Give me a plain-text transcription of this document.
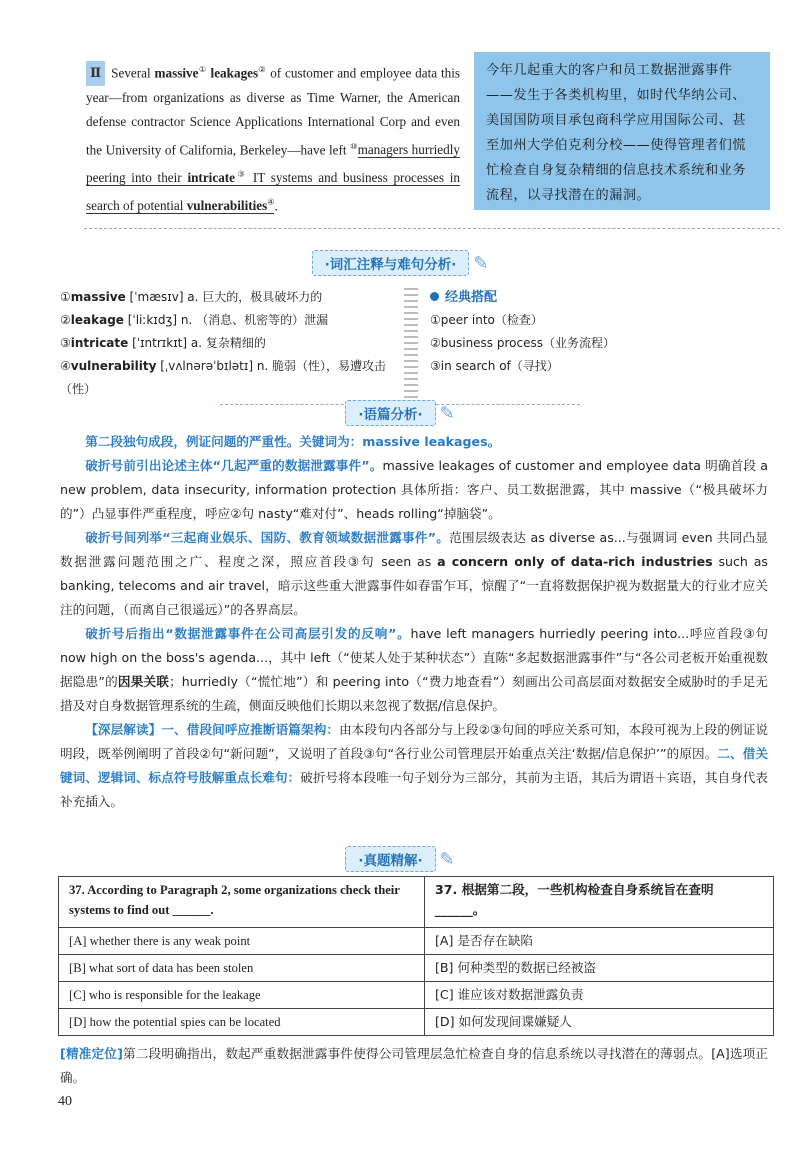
Ⅱ Several massive① leakages② of customer and employee data this year—from organizations as diverse as Time Warner, the American defense contractor Science Applications International Corp and even the University of California, Berkeley—have left ⑩managers hurriedly peering into their intricate③ IT systems and business processes in search of potential vulnerabilities④.
今年几起重大的客户和员工数据泄露事件——发生于各类机构里，如时代华纳公司、美国国防项目承包商科学应用国际公司、甚至加州大学伯克利分校——使得管理者们慌忙检查自身复杂精细的信息技术系统和业务流程，以寻找潜在的漏洞。
·词汇注释与难句分析· ✎
①massive [ˈmæsɪv] a. 巨大的，极具破坏力的
②leakage [ˈliːkɪdʒ] n. （消息、机密等的）泄漏
③intricate [ˈɪntrɪkɪt] a. 复杂精细的
④vulnerability [ˌvʌlnərəˈbɪlətɪ] n. 脆弱（性），易遭攻击（性）
经典搭配
①peer into（检查）
②business process（业务流程）
③in search of（寻找）
·语篇分析· ✎

第二段独句成段，例证问题的严重性。关键词为：massive leakages。

破折号前引出论述主体“几起严重的数据泄露事件”。massive leakages of customer and employee data 明确首段 a new problem, data insecurity, information protection 具体所指：客户、员工数据泄露，其中 massive（“极具破坏力的”）凸显事件严重程度，呼应②句 nasty“难对付”、heads rolling“掉脑袋”。

破折号间列举“三起商业娱乐、国防、教育领域数据泄露事件”。范围层级表达 as diverse as...与强调词 even 共同凸显数据泄露问题范围之广、程度之深，照应首段③句 seen as a concern only of data-rich industries such as banking, telecoms and air travel，暗示这些重大泄露事件如春雷乍耳，惊醒了“一直将数据保护视为数据量大的行业才应关注的问题，（而离自己很遥远）”的各界高层。

破折号后指出“数据泄露事件在公司高层引发的反响”。have left managers hurriedly peering into...呼应首段③句 now high on the boss's agenda...，其中 left（“使某人处于某种状态”）直陈“多起数据泄露事件”与“各公司老板开始重视数据隐患”的因果关联；hurriedly（“慌忙地”）和 peering into（“费力地查看”）刻画出公司高层面对数据安全威胁时的手足无措及对自身数据管理系统的生疏，侧面反映他们长期以来忽视了数据/信息保护。

【深层解读】一、借段间呼应推断语篇架构：由本段句内各部分与上段②③句间的呼应关系可知，本段可视为上段的例证说明段，既举例阐明了首段②句“新问题”，又说明了首段③句“各行业公司管理层开始重点关注‘数据/信息保护’”的原因。二、借关键词、逻辑词、标点符号肢解重点长难句：破折号将本段唯一句子划分为三部分，其前为主语，其后为谓语＋宾语，其自身代表补充插入。

·真题精解· ✎
37. According to Paragraph 2, some organizations check their systems to find out ______.	37. 根据第二段，一些机构检查自身系统旨在查明______。
[A] whether there is any weak point	[A] 是否存在缺陷
[B] what sort of data has been stolen	[B] 何种类型的数据已经被盗
[C] who is responsible for the leakage	[C] 谁应该对数据泄露负责
[D] how the potential spies can be located	[D] 如何发现间谍嫌疑人
[精准定位]第二段明确指出，数起严重数据泄露事件使得公司管理层急忙检查自身的信息系统以寻找潜在的薄弱点。[A]选项正确。
40
